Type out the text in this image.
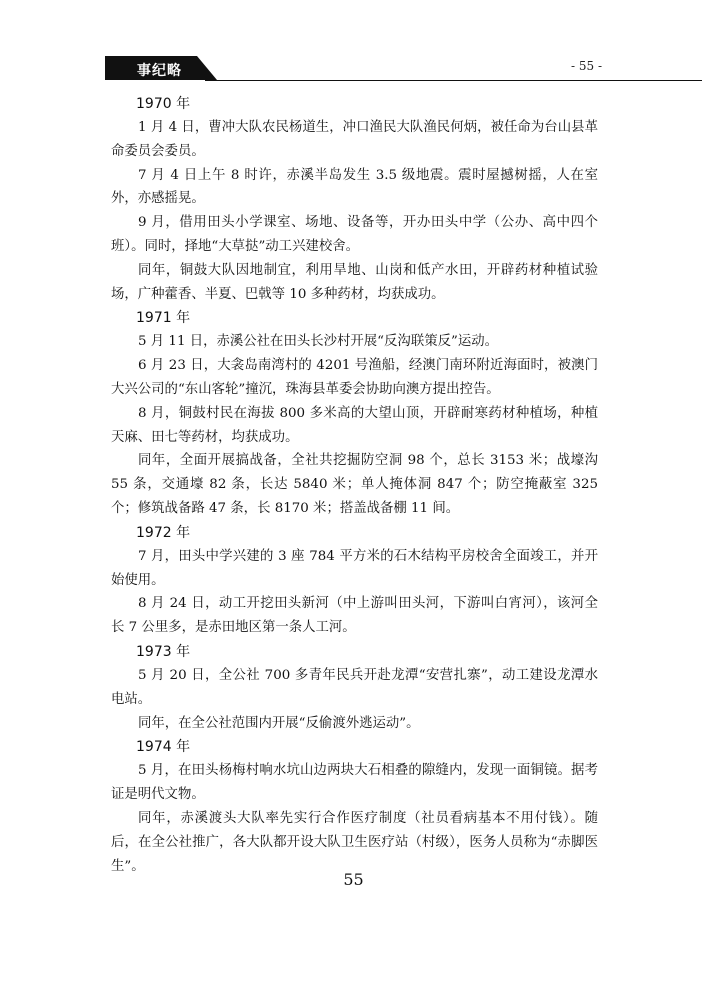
事纪略	- 55 -
1970 年

1 月 4 日，曹冲大队农民杨道生，冲口渔民大队渔民何炳，被任命为台山县革命委员会委员。

7 月 4 日上午 8 时许，赤溪半岛发生 3.5 级地震。震时屋撼树摇，人在室外，亦感摇晃。

9 月，借用田头小学课室、场地、设备等，开办田头中学（公办、高中四个班）。同时，择地“大草挞”动工兴建校舍。

同年，铜鼓大队因地制宜，利用旱地、山岗和低产水田，开辟药材种植试验场，广种藿香、半夏、巴戟等 10 多种药材，均获成功。

1971 年

5 月 11 日，赤溪公社在田头长沙村开展“反沟联策反”运动。

6 月 23 日，大衾岛南湾村的 4201 号渔船，经澳门南环附近海面时，被澳门大兴公司的“东山客轮”撞沉，珠海县革委会协助向澳方提出控告。

8 月，铜鼓村民在海拔 800 多米高的大望山顶，开辟耐寒药材种植场，种植天麻、田七等药材，均获成功。

同年，全面开展搞战备，全社共挖掘防空洞 98 个，总长 3153 米；战壕沟 55 条，交通壕 82 条，长达 5840 米；单人掩体洞 847 个；防空掩蔽室 325 个；修筑战备路 47 条，长 8170 米；搭盖战备棚 11 间。

1972 年

7 月，田头中学兴建的 3 座 784 平方米的石木结构平房校舍全面竣工，并开始使用。

8 月 24 日，动工开挖田头新河（中上游叫田头河，下游叫白宵河），该河全长 7 公里多，是赤田地区第一条人工河。

1973 年

5 月 20 日，全公社 700 多青年民兵开赴龙潭“安营扎寨”，动工建设龙潭水电站。

同年，在全公社范围内开展“反偷渡外逃运动”。

1974 年

5 月，在田头杨梅村响水坑山边两块大石相叠的隙缝内，发现一面铜镜。据考证是明代文物。

同年，赤溪渡头大队率先实行合作医疗制度（社员看病基本不用付钱）。随后，在全公社推广，各大队都开设大队卫生医疗站（村级），医务人员称为“赤脚医生”。

55
